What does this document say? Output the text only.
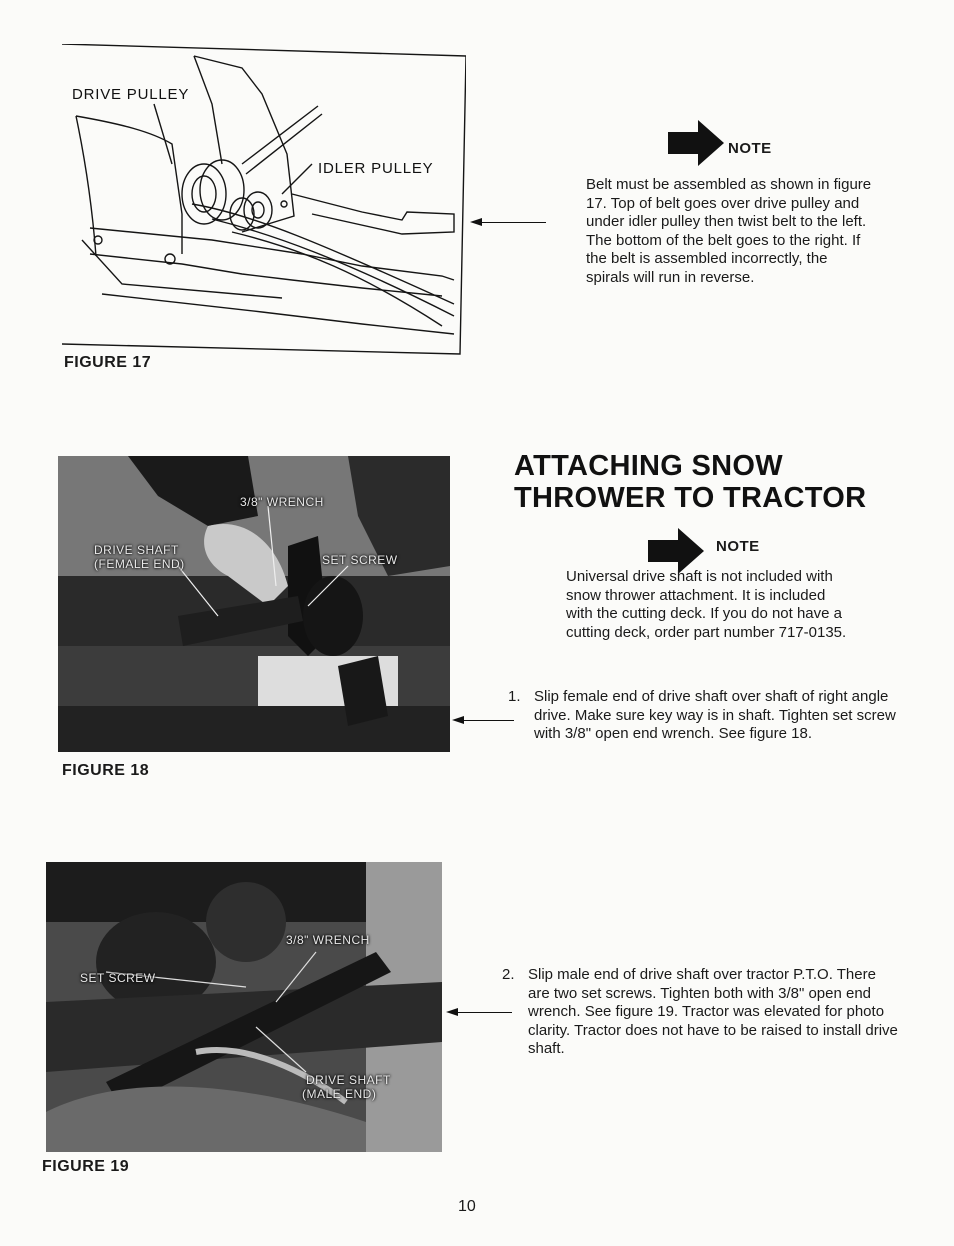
DRIVE PULLEY
IDLER PULLEY
FIGURE 17
NOTE
Belt must be assembled as shown in figure 17. Top of belt goes over drive pulley and under idler pulley then twist belt to the left. The bottom of the belt goes to the right. If the belt is assembled incorrectly, the spirals will run in reverse.
3/8" WRENCH
DRIVE SHAFT
(FEMALE END)	SET SCREW
FIGURE 18
ATTACHING SNOW
THROWER TO TRACTOR
NOTE
Universal drive shaft is not included with snow thrower attachment. It is included with the cutting deck. If you do not have a cutting deck, order part number 717-0135.
1. Slip female end of drive shaft over shaft of right angle drive. Make sure key way is in shaft. Tighten set screw with 3/8" open end wrench. See figure 18.
3/8" WRENCH
SET SCREW
DRIVE SHAFT
(MALE END)
FIGURE 19
2. Slip male end of drive shaft over tractor P.T.O. There are two set screws. Tighten both with 3/8" open end wrench. See figure 19. Tractor was elevated for photo clarity. Tractor does not have to be raised to install drive shaft.
10
